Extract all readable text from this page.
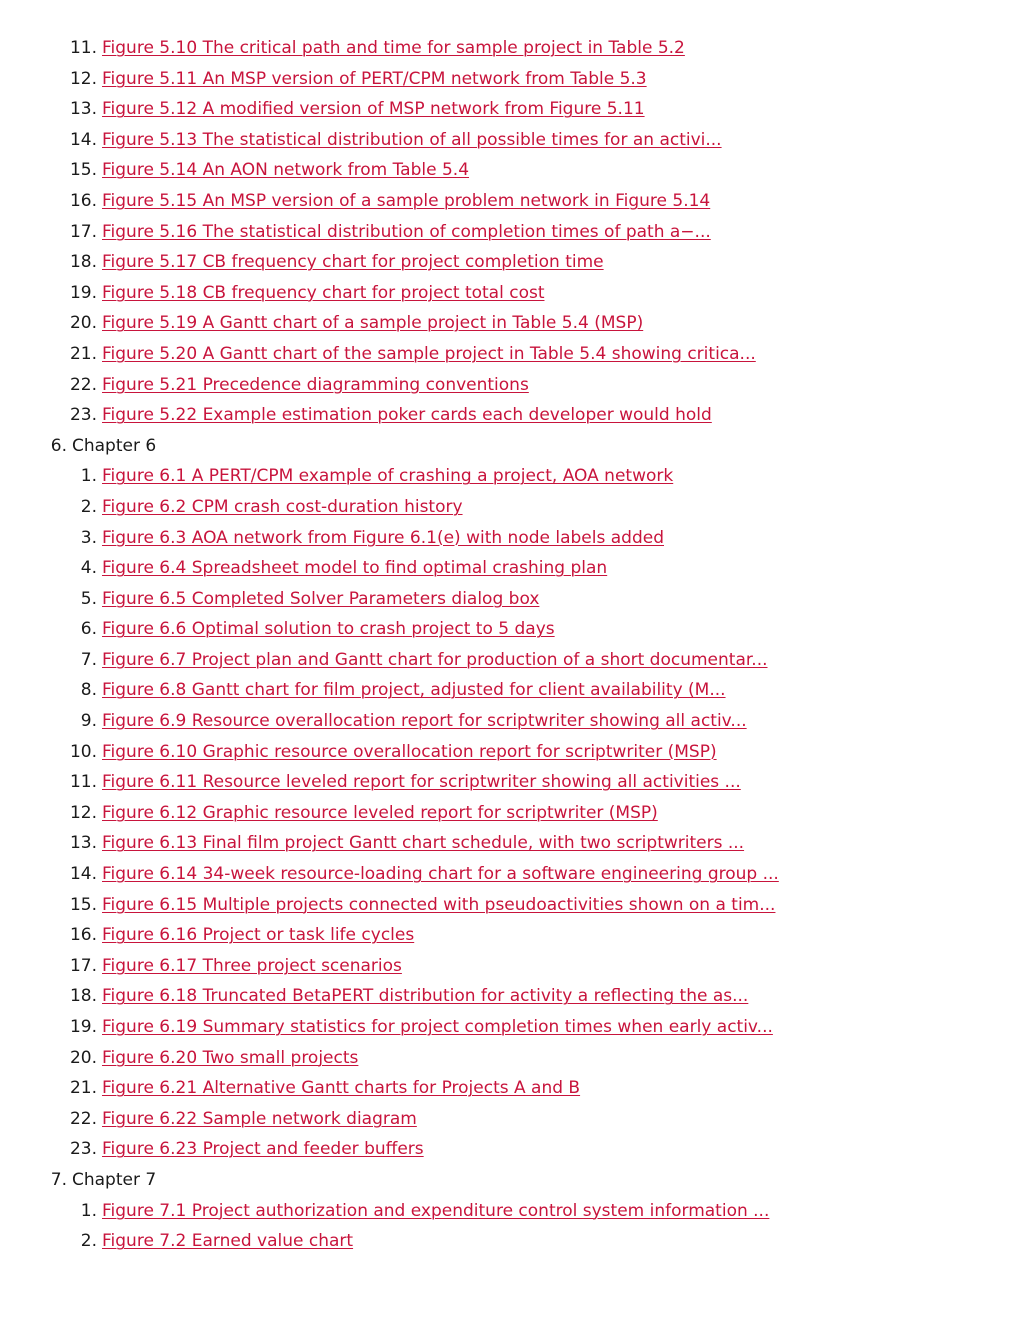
11. Figure 5.10 The critical path and time for sample project in Table 5.2
12. Figure 5.11 An MSP version of PERT/CPM network from Table 5.3
13. Figure 5.12 A modified version of MSP network from Figure 5.11
14. Figure 5.13 The statistical distribution of all possible times for an activi...
15. Figure 5.14 An AON network from Table 5.4
16. Figure 5.15 An MSP version of a sample problem network in Figure 5.14
17. Figure 5.16 The statistical distribution of completion times of path a−...
18. Figure 5.17 CB frequency chart for project completion time
19. Figure 5.18 CB frequency chart for project total cost
20. Figure 5.19 A Gantt chart of a sample project in Table 5.4 (MSP)
21. Figure 5.20 A Gantt chart of the sample project in Table 5.4 showing critica...
22. Figure 5.21 Precedence diagramming conventions
23. Figure 5.22 Example estimation poker cards each developer would hold
6. Chapter 6
1. Figure 6.1 A PERT/CPM example of crashing a project, AOA network
2. Figure 6.2 CPM crash cost-duration history
3. Figure 6.3 AOA network from Figure 6.1(e) with node labels added
4. Figure 6.4 Spreadsheet model to find optimal crashing plan
5. Figure 6.5 Completed Solver Parameters dialog box
6. Figure 6.6 Optimal solution to crash project to 5 days
7. Figure 6.7 Project plan and Gantt chart for production of a short documentar...
8. Figure 6.8 Gantt chart for film project, adjusted for client availability (M...
9. Figure 6.9 Resource overallocation report for scriptwriter showing all activ...
10. Figure 6.10 Graphic resource overallocation report for scriptwriter (MSP)
11. Figure 6.11 Resource leveled report for scriptwriter showing all activities ...
12. Figure 6.12 Graphic resource leveled report for scriptwriter (MSP)
13. Figure 6.13 Final film project Gantt chart schedule, with two scriptwriters ...
14. Figure 6.14 34-week resource-loading chart for a software engineering group ...
15. Figure 6.15 Multiple projects connected with pseudoactivities shown on a tim...
16. Figure 6.16 Project or task life cycles
17. Figure 6.17 Three project scenarios
18. Figure 6.18 Truncated BetaPERT distribution for activity a reflecting the as...
19. Figure 6.19 Summary statistics for project completion times when early activ...
20. Figure 6.20 Two small projects
21. Figure 6.21 Alternative Gantt charts for Projects A and B
22. Figure 6.22 Sample network diagram
23. Figure 6.23 Project and feeder buffers
7. Chapter 7
1. Figure 7.1 Project authorization and expenditure control system information ...
2. Figure 7.2 Earned value chart
